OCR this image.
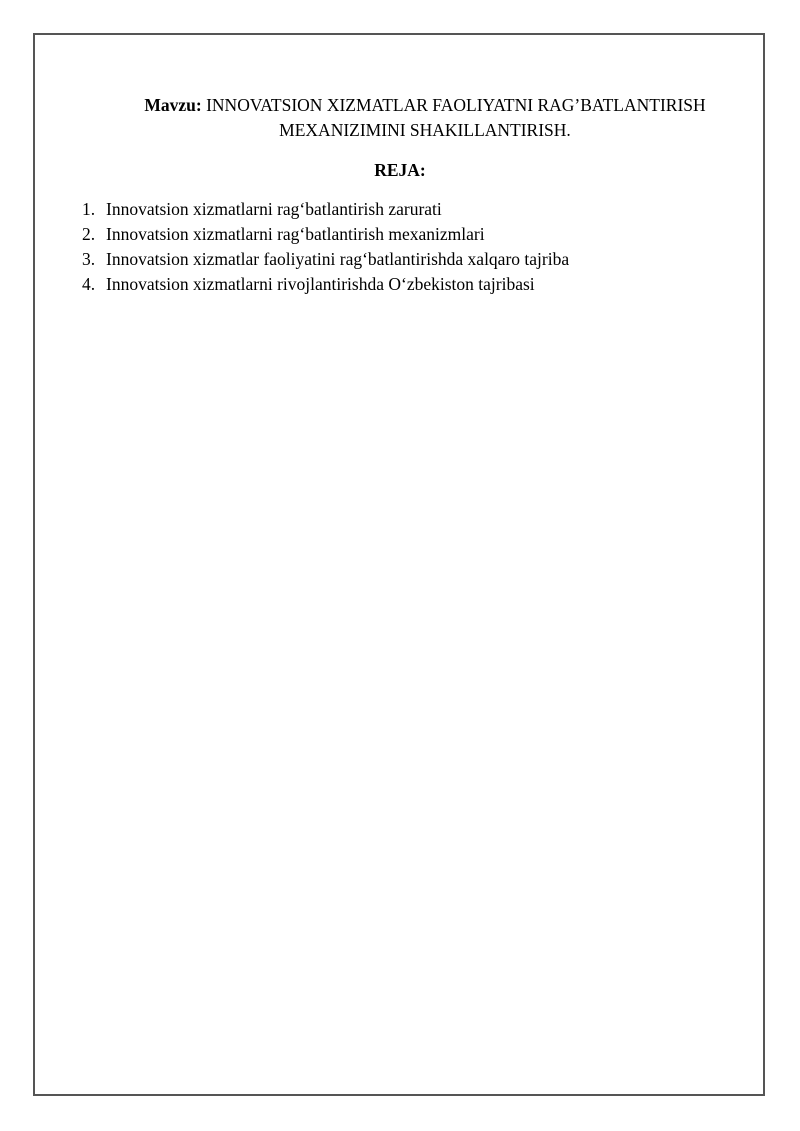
Mavzu: INNOVATSION XIZMATLAR FAOLIYATNI RAG’BATLANTIRISH
MEXANIZIMINI SHAKILLANTIRISH.
REJA:
1. Innovatsion xizmatlarni rag‘batlantirish zarurati
2. Innovatsion xizmatlarni rag‘batlantirish mexanizmlari
3. Innovatsion xizmatlar faoliyatini rag‘batlantirishda xalqaro tajriba
4. Innovatsion xizmatlarni rivojlantirishda O‘zbekiston tajribasi
